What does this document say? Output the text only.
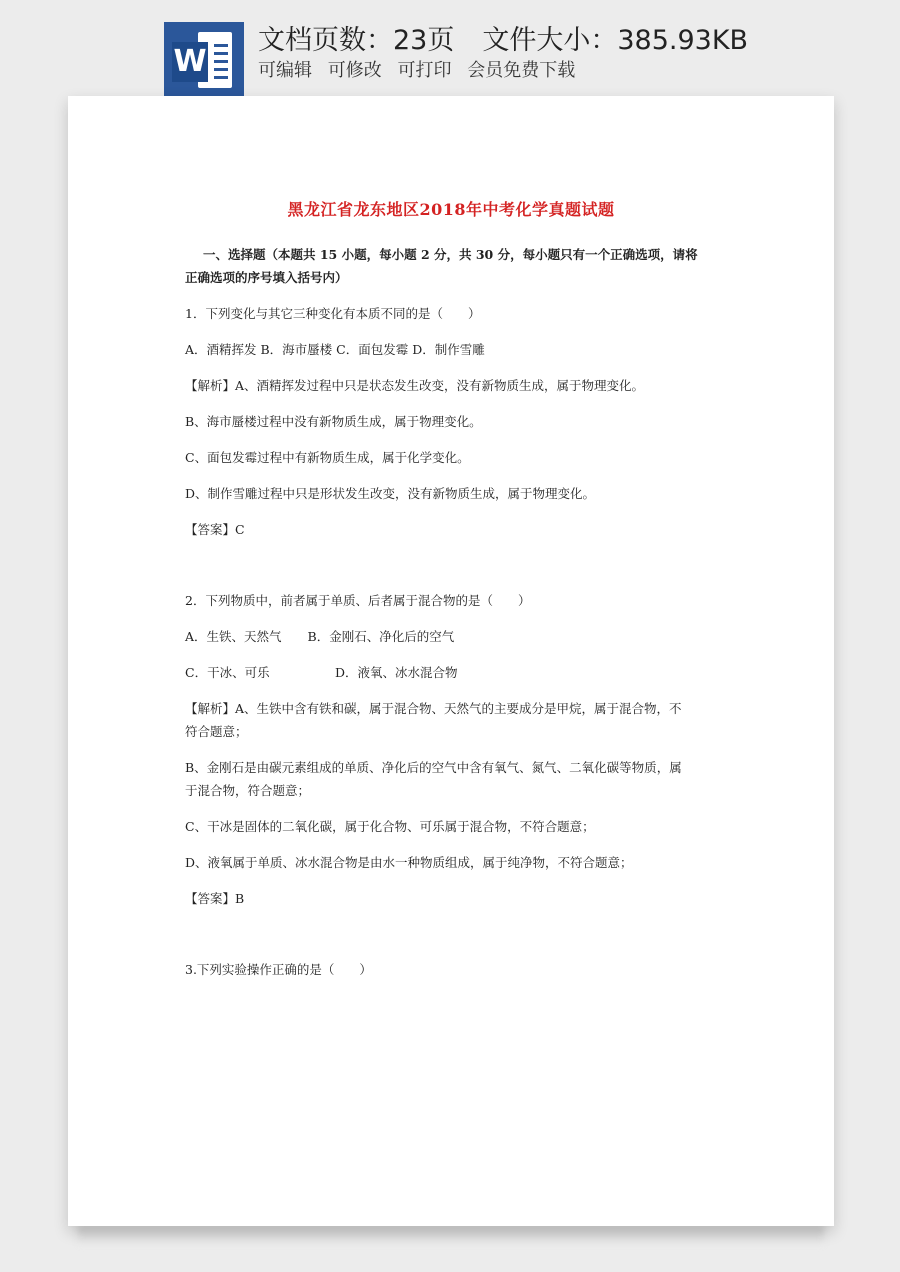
W
文档页数：23页 文件大小：385.93KB
可编辑 可修改 可打印 会员免费下载
黑龙江省龙东地区2018年中考化学真题试题
一、选择题（本题共 15 小题，每小题 2 分，共 30 分，每小题只有一个正确选项，请将
正确选项的序号填入括号内）
1．下列变化与其它三种变化有本质不同的是（　　）
A．酒精挥发 B．海市蜃楼 C．面包发霉 D．制作雪雕
【解析】A、酒精挥发过程中只是状态发生改变，没有新物质生成，属于物理变化。
B、海市蜃楼过程中没有新物质生成，属于物理变化。
C、面包发霉过程中有新物质生成，属于化学变化。
D、制作雪雕过程中只是形状发生改变，没有新物质生成，属于物理变化。
【答案】C
2．下列物质中，前者属于单质、后者属于混合物的是（　　）
A．生铁、天然气 B．金刚石、净化后的空气
C．干冰、可乐	D．液氧、冰水混合物
【解析】A、生铁中含有铁和碳，属于混合物、天然气的主要成分是甲烷，属于混合物，不
符合题意；
B、金刚石是由碳元素组成的单质、净化后的空气中含有氧气、氮气、二氧化碳等物质，属
于混合物，符合题意；
C、干冰是固体的二氧化碳，属于化合物、可乐属于混合物，不符合题意；
D、液氧属于单质、冰水混合物是由水一种物质组成，属于纯净物，不符合题意；
【答案】B
3.下列实验操作正确的是（　　）
